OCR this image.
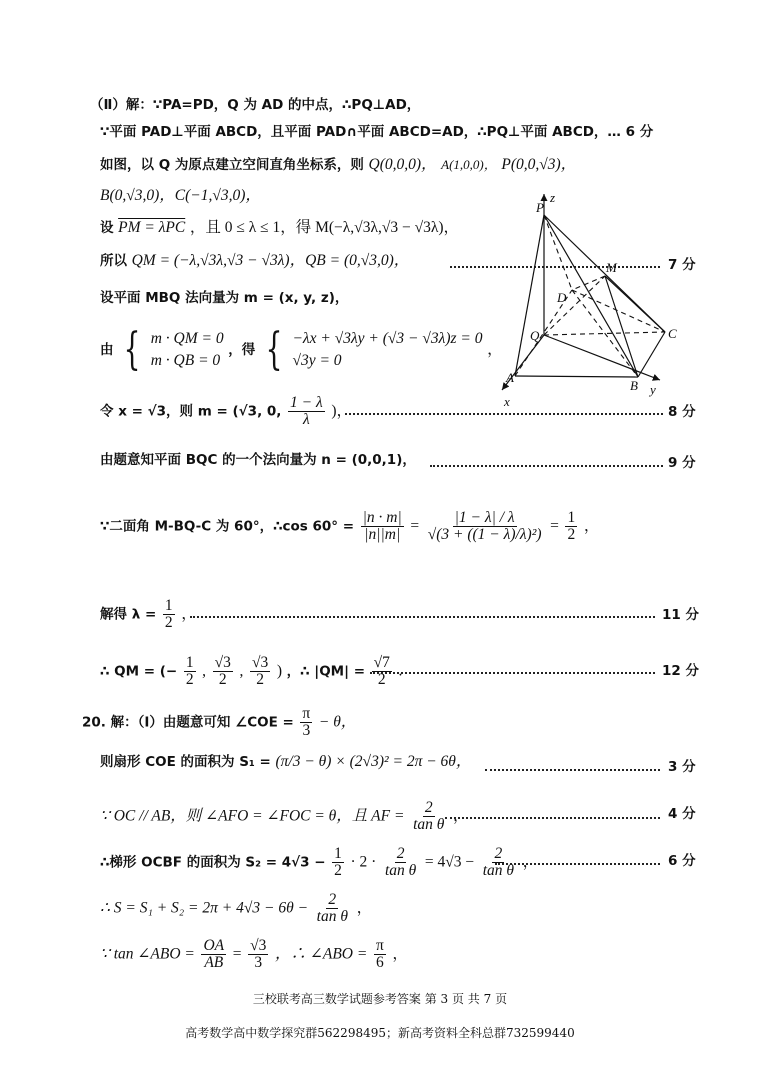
（Ⅱ）解：∵PA=PD，Q 为 AD 的中点，∴PQ⊥AD，
∵平面 PAD⊥平面 ABCD，且平面 PAD∩平面 ABCD=AD，∴PQ⊥平面 ABCD，… 6 分
如图，以 Q 为原点建立空间直角坐标系，则 Q(0,0,0)， A(1,0,0)， P(0,0,√3)，
B(0,√3,0)，C(−1,√3,0)，
设 PM = λPC ，且 0 ≤ λ ≤ 1，得 M(−λ,√3λ,√3 − √3λ)，
所以 QM = (−λ,√3λ,√3 − √3λ)，QB = (0,√3,0)，	7 分
设平面 MBQ 法向量为 m = (x, y, z)，
由 { m · QM = 0
m · QB = 0
，得 { −λx + √3λy + (√3 − √3λ)z = 0
√3y = 0
，
令 x = √3，则 m = (√3, 0, $\frac{1 - \lambda}{\lambda}$ )，	8 分
由题意知平面 BQC 的一个法向量为 n = (0,0,1)，	9 分
∵二面角 M-BQ-C 为 60°，∴cos $60^\circ = \frac{|n \cdot m|}{|n||m|} = \frac{|1 - \lambda| / \lambda}{\text{√(3 + ((1 − λ)/λ)²)}} = \frac{1}{2}$ ，
解得 $\lambda = \frac{1}{2}$ ，	11 分
∴ QM = (− $\frac{1}{2}$ , $\frac{√3}{2}$ , $\frac{√3}{2}$ ) ，∴ $|QM| = \frac{√7}{2}$ .	12 分
20. 解：（Ⅰ）由题意可知 ∠COE = $\frac{\pi}{3} - \theta$，
则扇形 COE 的面积为 S₁ = (π/3 − θ) × (2√3)² = 2π − 6θ，	3 分
∵ OC // AB，则 ∠AFO = ∠FOC = θ，且 AF = $\frac{2}{\text{tan θ}}$ ，	4 分
∴梯形 OCBF 的面积为 $S_2 = 4√3 - \frac{1}{2} \cdot 2 \cdot \frac{2}{\text{tan θ}} = 4√3 - \frac{2}{\text{tan θ}}$ ，	6 分
∴ $S = S_1 + S_2 = 2\pi + 4√3 - 6\theta - \frac{2}{\text{tan θ}}$ ，
∵ tan ∠ABO = $\frac{OA}{AB} = \frac{√3}{3}$ ，∴ ∠ABO = $\frac{\pi}{6}$ ，
z
P
M
D
Q	C
A
B
x
y
三校联考高三数学试题参考答案 第 3 页 共 7 页
高考数学高中数学探究群562298495；新高考资料全科总群732599440
